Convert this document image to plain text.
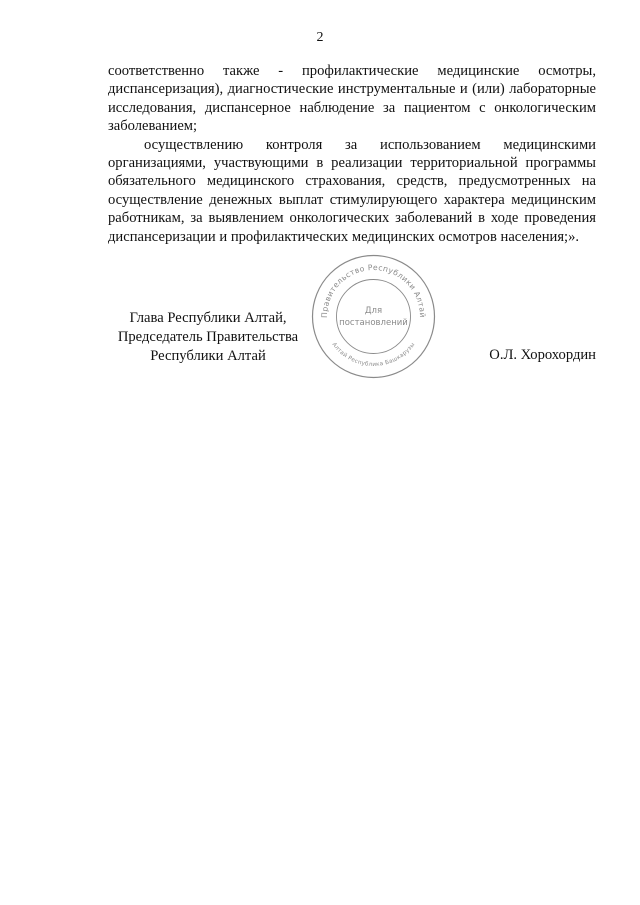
2

соответственно также - профилактические медицинские осмотры, диспансеризация), диагностические инструментальные и (или) лабораторные исследования, диспансерное наблюдение за пациентом с онкологическим заболеванием;

осуществлению контроля за использованием медицинскими организациями, участвующими в реализации территориальной программы обязательного медицинского страхования, средств, предусмотренных на осуществление денежных выплат стимулирующего характера медицинским работникам, за выявлением онкологических заболеваний в ходе проведения диспансеризации и профилактических медицинских осмотров населения;».

Глава Республики Алтай,
Председатель Правительства
Республики Алтай	О.Л. Хорохордин
Правительство Республики Алтай
Алтай Республика Башкарузы
Для
постановлений
